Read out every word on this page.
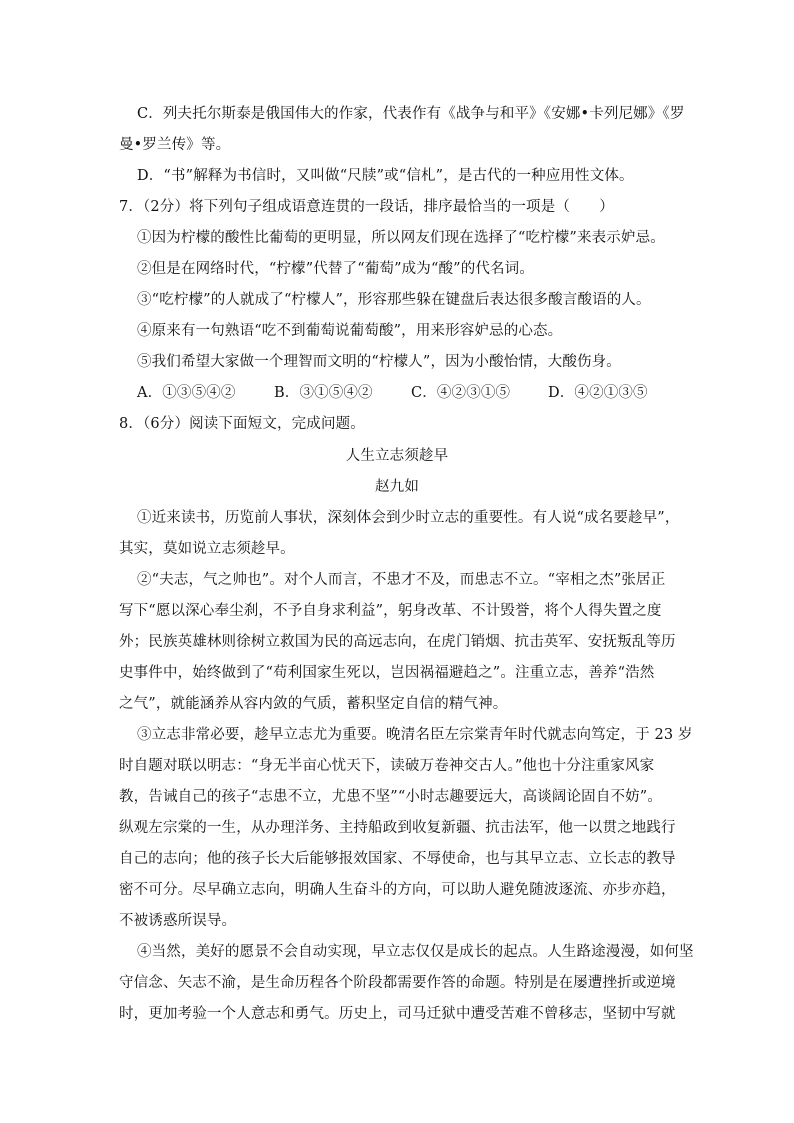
C．列夫托尔斯泰是俄国伟大的作家，代表作有《战争与和平》《安娜•卡列尼娜》《罗
曼•罗兰传》等。
D．“书”解释为书信时，又叫做“尺牍”或“信札”，是古代的一种应用性文体。
7．（2分）将下列句子组成语意连贯的一段话，排序最恰当的一项是（　　）
①因为柠檬的酸性比葡萄的更明显，所以网友们现在选择了“吃柠檬”来表示妒忌。
②但是在网络时代，“柠檬”代替了“葡萄”成为“酸”的代名词。
③“吃柠檬”的人就成了“柠檬人”，形容那些躲在键盘后表达很多酸言酸语的人。
④原来有一句熟语“吃不到葡萄说葡萄酸”，用来形容妒忌的心态。
⑤我们希望大家做一个理智而文明的“柠檬人”，因为小酸怡情，大酸伤身。
A．①③⑤④②	B．③①⑤④②	C．④②③①⑤	D．④②①③⑤
8．（6分）阅读下面短文，完成问题。
人生立志须趁早
赵九如
①近来读书，历览前人事状，深刻体会到少时立志的重要性。有人说“成名要趁早”，
其实，莫如说立志须趁早。
②“夫志，气之帅也”。对个人而言，不患才不及，而患志不立。“宰相之杰”张居正
写下“愿以深心奉尘刹，不予自身求利益”，躬身改革、不计毁誉，将个人得失置之度
外；民族英雄林则徐树立救国为民的高远志向，在虎门销烟、抗击英军、安抚叛乱等历
史事件中，始终做到了“苟利国家生死以，岂因祸福避趋之”。注重立志，善养“浩然
之气”，就能涵养从容内敛的气质，蓄积坚定自信的精气神。
③立志非常必要，趁早立志尤为重要。晚清名臣左宗棠青年时代就志向笃定，于 23 岁
时自题对联以明志：“身无半亩心忧天下，读破万卷神交古人。”他也十分注重家风家
教，告诫自己的孩子“志患不立，尤患不坚”“小时志趣要远大，高谈阔论固自不妨”。
纵观左宗棠的一生，从办理洋务、主持船政到收复新疆、抗击法军，他一以贯之地践行
自己的志向；他的孩子长大后能够报效国家、不辱使命，也与其早立志、立长志的教导
密不可分。尽早确立志向，明确人生奋斗的方向，可以助人避免随波逐流、亦步亦趋，
不被诱惑所误导。
④当然，美好的愿景不会自动实现，早立志仅仅是成长的起点。人生路途漫漫，如何坚
守信念、矢志不渝，是生命历程各个阶段都需要作答的命题。特别是在屡遭挫折或逆境
时，更加考验一个人意志和勇气。历史上，司马迁狱中遭受苦难不曾移志，坚韧中写就
